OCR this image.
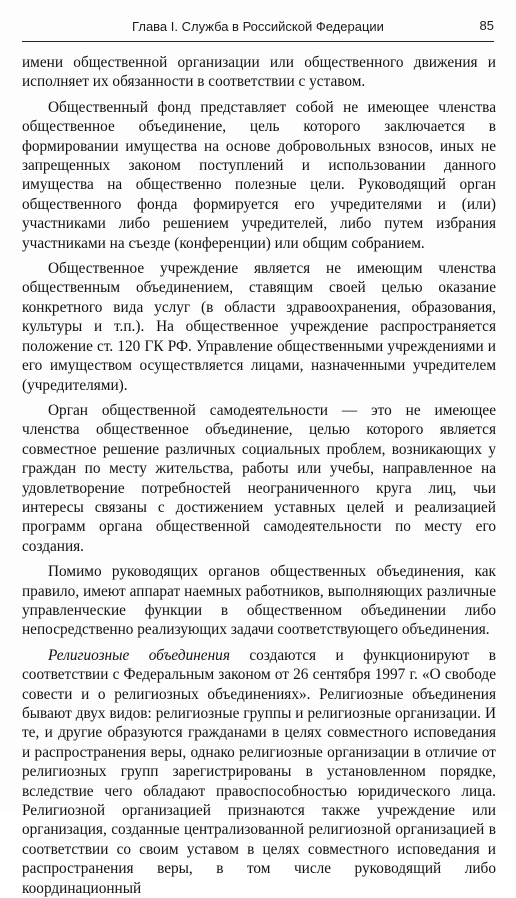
Глава I. Служба в Российской Федерации	85

имени общественной организации или общественного движения и исполняет их обязанности в соответствии с уставом.

Общественный фонд представляет собой не имеющее членства общественное объединение, цель которого заключается в формировании имущества на основе добровольных взносов, иных не запрещенных законом поступлений и использовании данного имущества на общественно полезные цели. Руководящий орган общественного фонда формируется его учредителями и (или) участниками либо решением учредителей, либо путем избрания участниками на съезде (конференции) или общим собранием.

Общественное учреждение является не имеющим членства общественным объединением, ставящим своей целью оказание конкретного вида услуг (в области здравоохранения, образования, культуры и т.п.). На общественное учреждение распространяется положение ст. 120 ГК РФ. Управление общественными учреждениями и его имуществом осуществляется лицами, назначенными учредителем (учредителями).

Орган общественной самодеятельности — это не имеющее членства общественное объединение, целью которого является совместное решение различных социальных проблем, возникающих у граждан по месту жительства, работы или учебы, направленное на удовлетворение потребностей неограниченного круга лиц, чьи интересы связаны с достижением уставных целей и реализацией программ органа общественной самодеятельности по месту его создания.

Помимо руководящих органов общественных объединения, как правило, имеют аппарат наемных работников, выполняющих различные управленческие функции в общественном объединении либо непосредственно реализующих задачи соответствующего объединения.

Религиозные объединения создаются и функционируют в соответствии с Федеральным законом от 26 сентября 1997 г. «О свободе совести и о религиозных объединениях». Религиозные объединения бывают двух видов: религиозные группы и религиозные организации. И те, и другие образуются гражданами в целях совместного исповедания и распространения веры, однако религиозные организации в отличие от религиозных групп зарегистрированы в установленном порядке, вследствие чего обладают правоспособностью юридического лица. Религиозной организацией признаются также учреждение или организация, созданные централизованной религиозной организацией в соответствии со своим уставом в целях совместного исповедания и распространения веры, в том числе руководящий либо координационный
